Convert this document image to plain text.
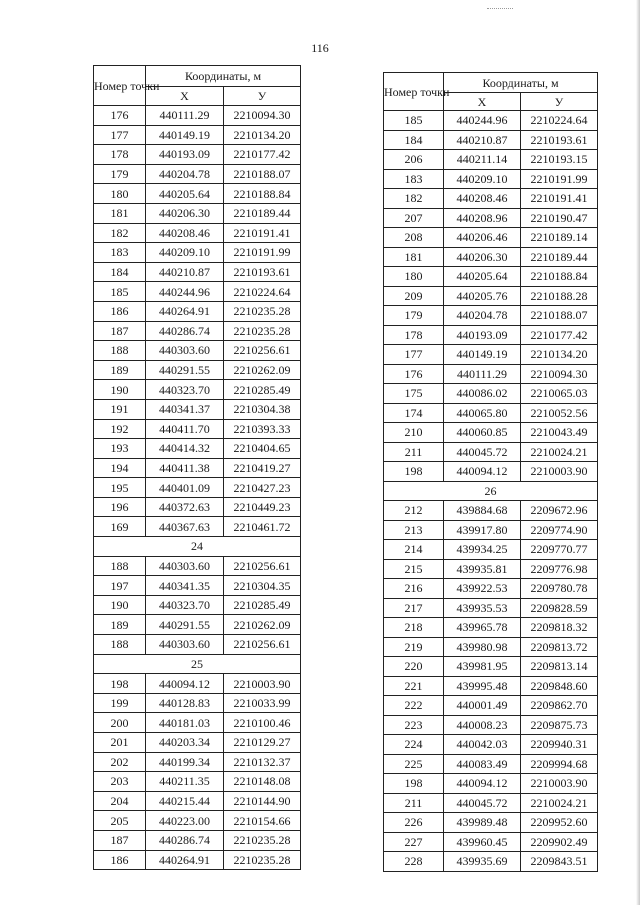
116
Номер точки	Координаты, м	
	X	У
176	440111.29	2210094.30
177	440149.19	2210134.20
178	440193.09	2210177.42
179	440204.78	2210188.07
180	440205.64	2210188.84
181	440206.30	2210189.44
182	440208.46	2210191.41
183	440209.10	2210191.99
184	440210.87	2210193.61
185	440244.96	2210224.64
186	440264.91	2210235.28
187	440286.74	2210235.28
188	440303.60	2210256.61
189	440291.55	2210262.09
190	440323.70	2210285.49
191	440341.37	2210304.38
192	440411.70	2210393.33
193	440414.32	2210404.65
194	440411.38	2210419.27
195	440401.09	2210427.23
196	440372.63	2210449.23
169	440367.63	2210461.72
24		
188	440303.60	2210256.61
197	440341.35	2210304.35
190	440323.70	2210285.49
189	440291.55	2210262.09
188	440303.60	2210256.61
25		
198	440094.12	2210003.90
199	440128.83	2210033.99
200	440181.03	2210100.46
201	440203.34	2210129.27
202	440199.34	2210132.37
203	440211.35	2210148.08
204	440215.44	2210144.90
205	440223.00	2210154.66
187	440286.74	2210235.28
186	440264.91	2210235.28
Номер точки	Координаты, м	
	X	У
185	440244.96	2210224.64
184	440210.87	2210193.61
206	440211.14	2210193.15
183	440209.10	2210191.99
182	440208.46	2210191.41
207	440208.96	2210190.47
208	440206.46	2210189.14
181	440206.30	2210189.44
180	440205.64	2210188.84
209	440205.76	2210188.28
179	440204.78	2210188.07
178	440193.09	2210177.42
177	440149.19	2210134.20
176	440111.29	2210094.30
175	440086.02	2210065.03
174	440065.80	2210052.56
210	440060.85	2210043.49
211	440045.72	2210024.21
198	440094.12	2210003.90
26		
212	439884.68	2209672.96
213	439917.80	2209774.90
214	439934.25	2209770.77
215	439935.81	2209776.98
216	439922.53	2209780.78
217	439935.53	2209828.59
218	439965.78	2209818.32
219	439980.98	2209813.72
220	439981.95	2209813.14
221	439995.48	2209848.60
222	440001.49	2209862.70
223	440008.23	2209875.73
224	440042.03	2209940.31
225	440083.49	2209994.68
198	440094.12	2210003.90
211	440045.72	2210024.21
226	439989.48	2209952.60
227	439960.45	2209902.49
228	439935.69	2209843.51
